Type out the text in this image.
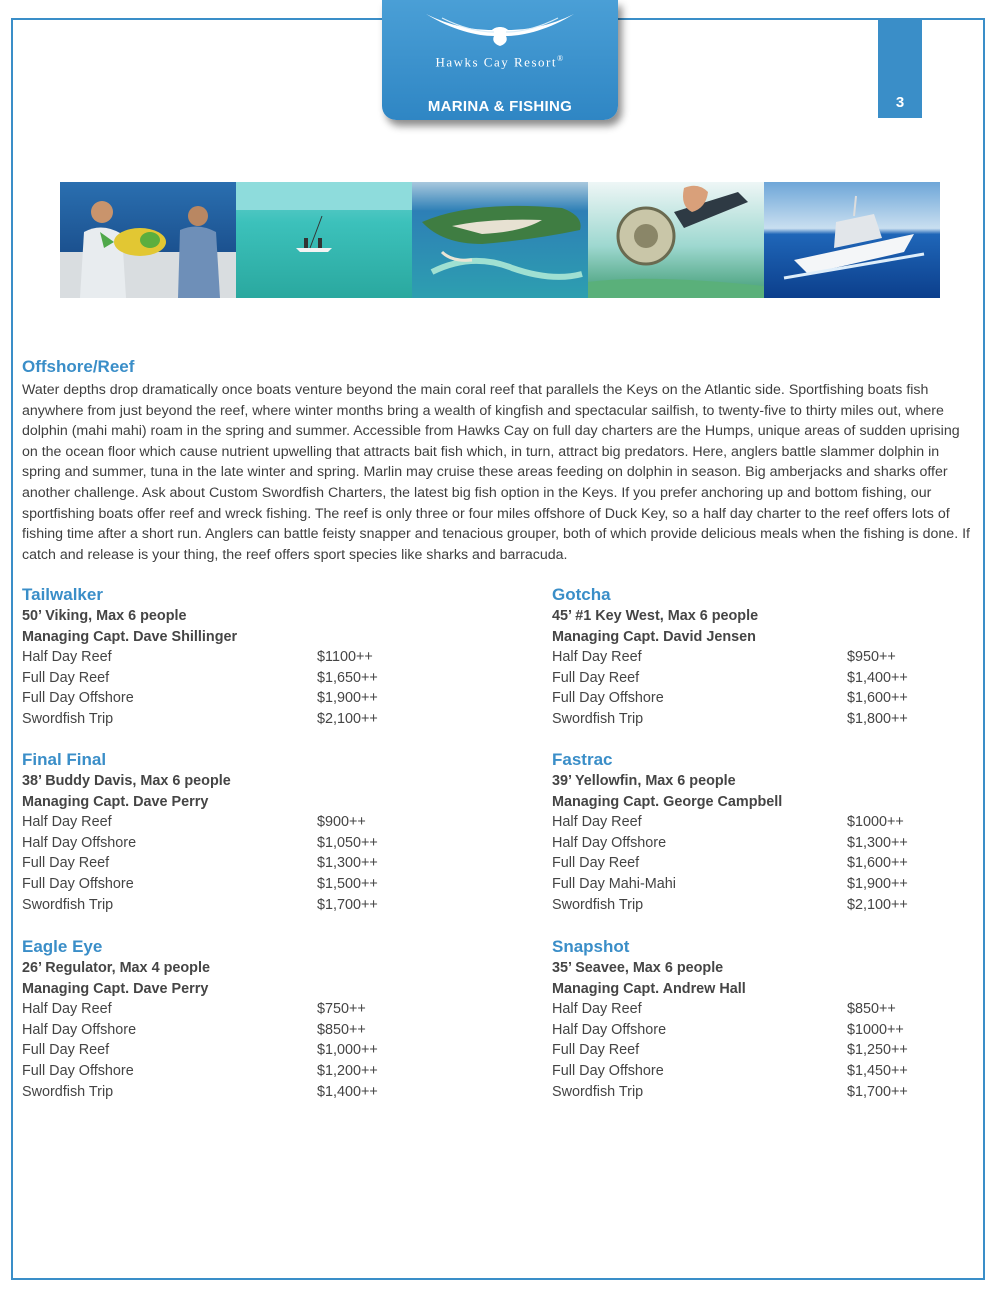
Hawks Cay Resort®
MARINA & FISHING	3
Offshore/Reef
Water depths drop dramatically once boats venture beyond the main coral reef that parallels the Keys on the Atlantic side. Sportfishing boats fish anywhere from just beyond the reef, where winter months bring a wealth of kingfish and spectacular sailfish, to twenty-five to thirty miles out, where dolphin (mahi mahi) roam in the spring and summer. Accessible from Hawks Cay on full day charters are the Humps, unique areas of sudden uprising on the ocean floor which cause nutrient upwelling that attracts bait fish which, in turn, attract big predators. Here, anglers battle slammer dolphin in spring and summer, tuna in the late winter and spring. Marlin may cruise these areas feeding on dolphin in season. Big amberjacks and sharks offer another challenge. Ask about Custom Swordfish Charters, the latest big fish option in the Keys. If you prefer anchoring up and bottom fishing, our sportfishing boats offer reef and wreck fishing. The reef is only three or four miles offshore of Duck Key, so a half day charter to the reef offers lots of fishing time after a short run. Anglers can battle feisty snapper and tenacious grouper, both of which provide delicious meals when the fishing is done. If catch and release is your thing, the reef offers sport species like sharks and barracuda.
Tailwalker
50’ Viking, Max 6 people
Managing Capt. Dave Shillinger
Half Day Reef	$1100++
Full Day Reef	$1,650++
Full Day Offshore	$1,900++
Swordfish Trip	$2,100++
Gotcha
45’ #1 Key West, Max 6 people
Managing Capt. David Jensen
Half Day Reef	$950++
Full Day Reef	$1,400++
Full Day Offshore	$1,600++
Swordfish Trip	$1,800++
Final Final
38’ Buddy Davis, Max 6 people
Managing Capt. Dave Perry
Half Day Reef	$900++
Half Day Offshore	$1,050++
Full Day Reef	$1,300++
Full Day Offshore	$1,500++
Swordfish Trip	$1,700++
Fastrac
39’ Yellowfin, Max 6 people
Managing Capt. George Campbell
Half Day Reef	$1000++
Half Day Offshore	$1,300++
Full Day Reef	$1,600++
Full Day Mahi-Mahi	$1,900++
Swordfish Trip	$2,100++
Eagle Eye
26’ Regulator, Max 4 people
Managing Capt. Dave Perry
Half Day Reef	$750++
Half Day Offshore	$850++
Full Day Reef	$1,000++
Full Day Offshore	$1,200++
Swordfish Trip	$1,400++
Snapshot
35’ Seavee, Max 6 people
Managing Capt. Andrew Hall
Half Day Reef	$850++
Half Day Offshore	$1000++
Full Day Reef	$1,250++
Full Day Offshore	$1,450++
Swordfish Trip	$1,700++
